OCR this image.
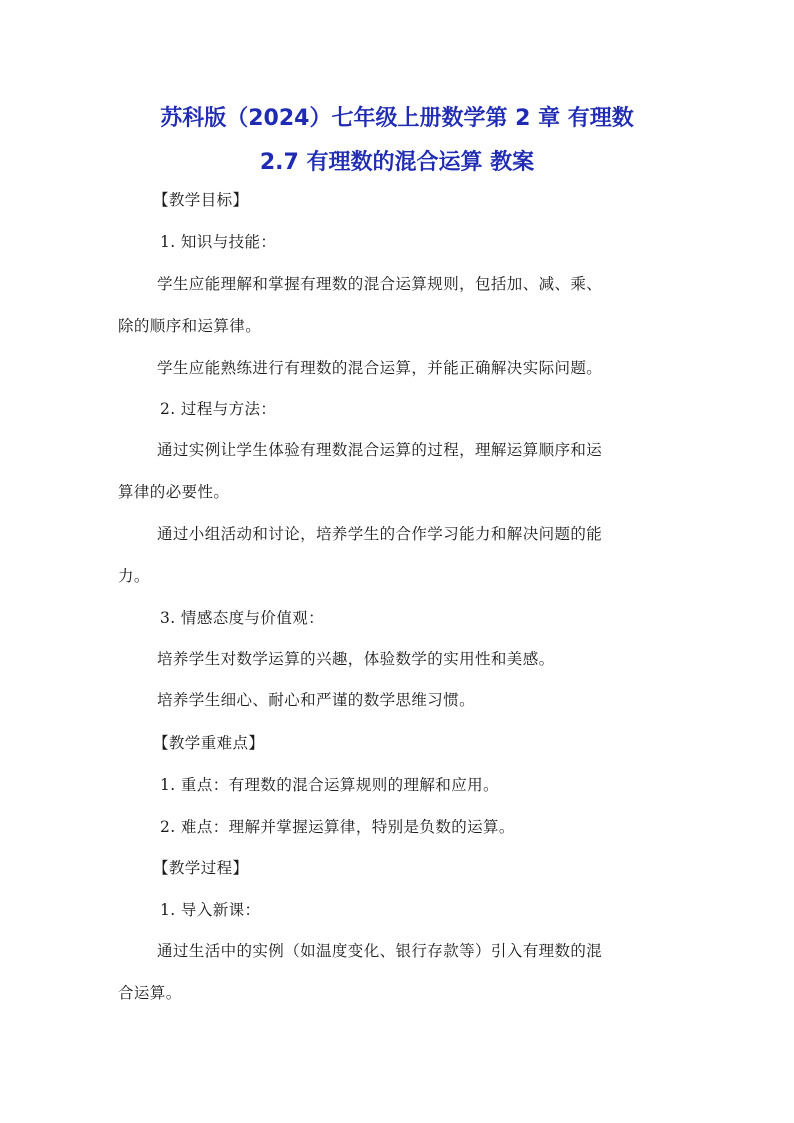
苏科版（2024）七年级上册数学第 2 章 有理数
2.7 有理数的混合运算 教案
【教学目标】
1. 知识与技能：
学生应能理解和掌握有理数的混合运算规则，包括加、减、乘、
除的顺序和运算律。
学生应能熟练进行有理数的混合运算，并能正确解决实际问题。
2. 过程与方法：
通过实例让学生体验有理数混合运算的过程，理解运算顺序和运
算律的必要性。
通过小组活动和讨论，培养学生的合作学习能力和解决问题的能
力。
3. 情感态度与价值观：
培养学生对数学运算的兴趣，体验数学的实用性和美感。
培养学生细心、耐心和严谨的数学思维习惯。
【教学重难点】
1. 重点：有理数的混合运算规则的理解和应用。
2. 难点：理解并掌握运算律，特别是负数的运算。
【教学过程】
1. 导入新课：
通过生活中的实例（如温度变化、银行存款等）引入有理数的混
合运算。
